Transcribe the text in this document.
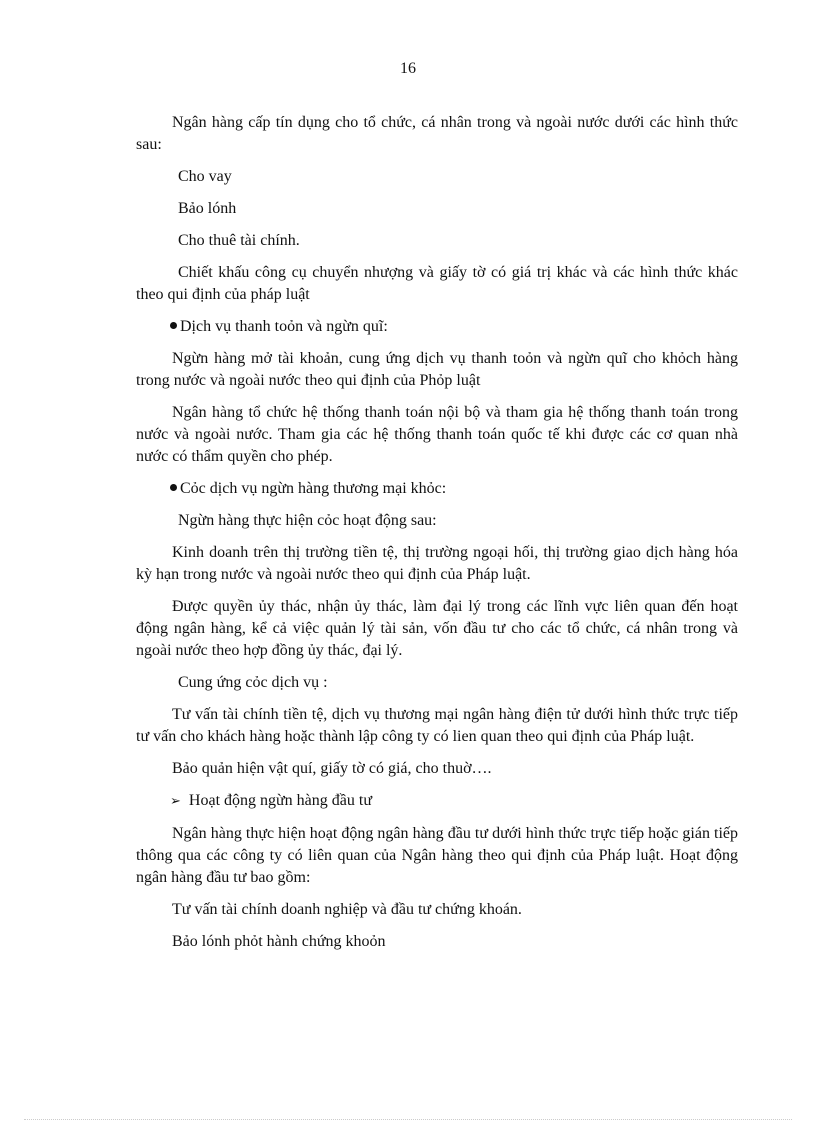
16

Ngân hàng cấp tín dụng cho tổ chức, cá nhân trong và ngoài nước dưới các hình thức sau:

Cho vay

Bảo lónh

Cho thuê tài chính.

Chiết khấu công cụ chuyển nhượng và giấy tờ có giá trị khác và các hình thức khác theo qui định của pháp luật

Dịch vụ thanh toỏn và ngừn quĩ:

Ngừn hàng mở tài khoản, cung ứng dịch vụ thanh toỏn và ngừn quĩ cho khỏch hàng trong nước và ngoài nước theo qui định của Phỏp luật

Ngân hàng tổ chức hệ thống thanh toán nội bộ và tham gia hệ thống thanh toán trong nước và ngoài nước. Tham gia các hệ thống thanh toán quốc tế khi được các cơ quan nhà nước có thẩm quyền cho phép.

Cỏc dịch vụ ngừn hàng thương mại khỏc:

Ngừn hàng thực hiện cỏc hoạt động sau:

Kinh doanh trên thị trường tiền tệ, thị trường ngoại hối, thị trường giao dịch hàng hóa kỳ hạn trong nước và ngoài nước theo qui định của Pháp luật.

Được quyền ủy thác, nhận ủy thác, làm đại lý trong các lĩnh vực liên quan đến hoạt động ngân hàng, kể cả việc quản lý tài sản, vốn đầu tư cho các tổ chức, cá nhân trong và ngoài nước theo hợp đồng ủy thác, đại lý.

Cung ứng cỏc dịch vụ :

Tư vấn tài chính tiền tệ, dịch vụ thương mại ngân hàng điện tử dưới hình thức trực tiếp tư vấn cho khách hàng hoặc thành lập công ty có lien quan theo qui định của Pháp luật.

Bảo quản hiện vật quí, giấy tờ có giá, cho thuờ….

➢ Hoạt động ngừn hàng đầu tư

Ngân hàng thực hiện hoạt động ngân hàng đầu tư dưới hình thức trực tiếp hoặc gián tiếp thông qua các công ty có liên quan của Ngân hàng theo qui định của Pháp luật. Hoạt động ngân hàng đầu tư bao gồm:

Tư vấn tài chính doanh nghiệp và đầu tư chứng khoán.

Bảo lónh phỏt hành chứng khoỏn
